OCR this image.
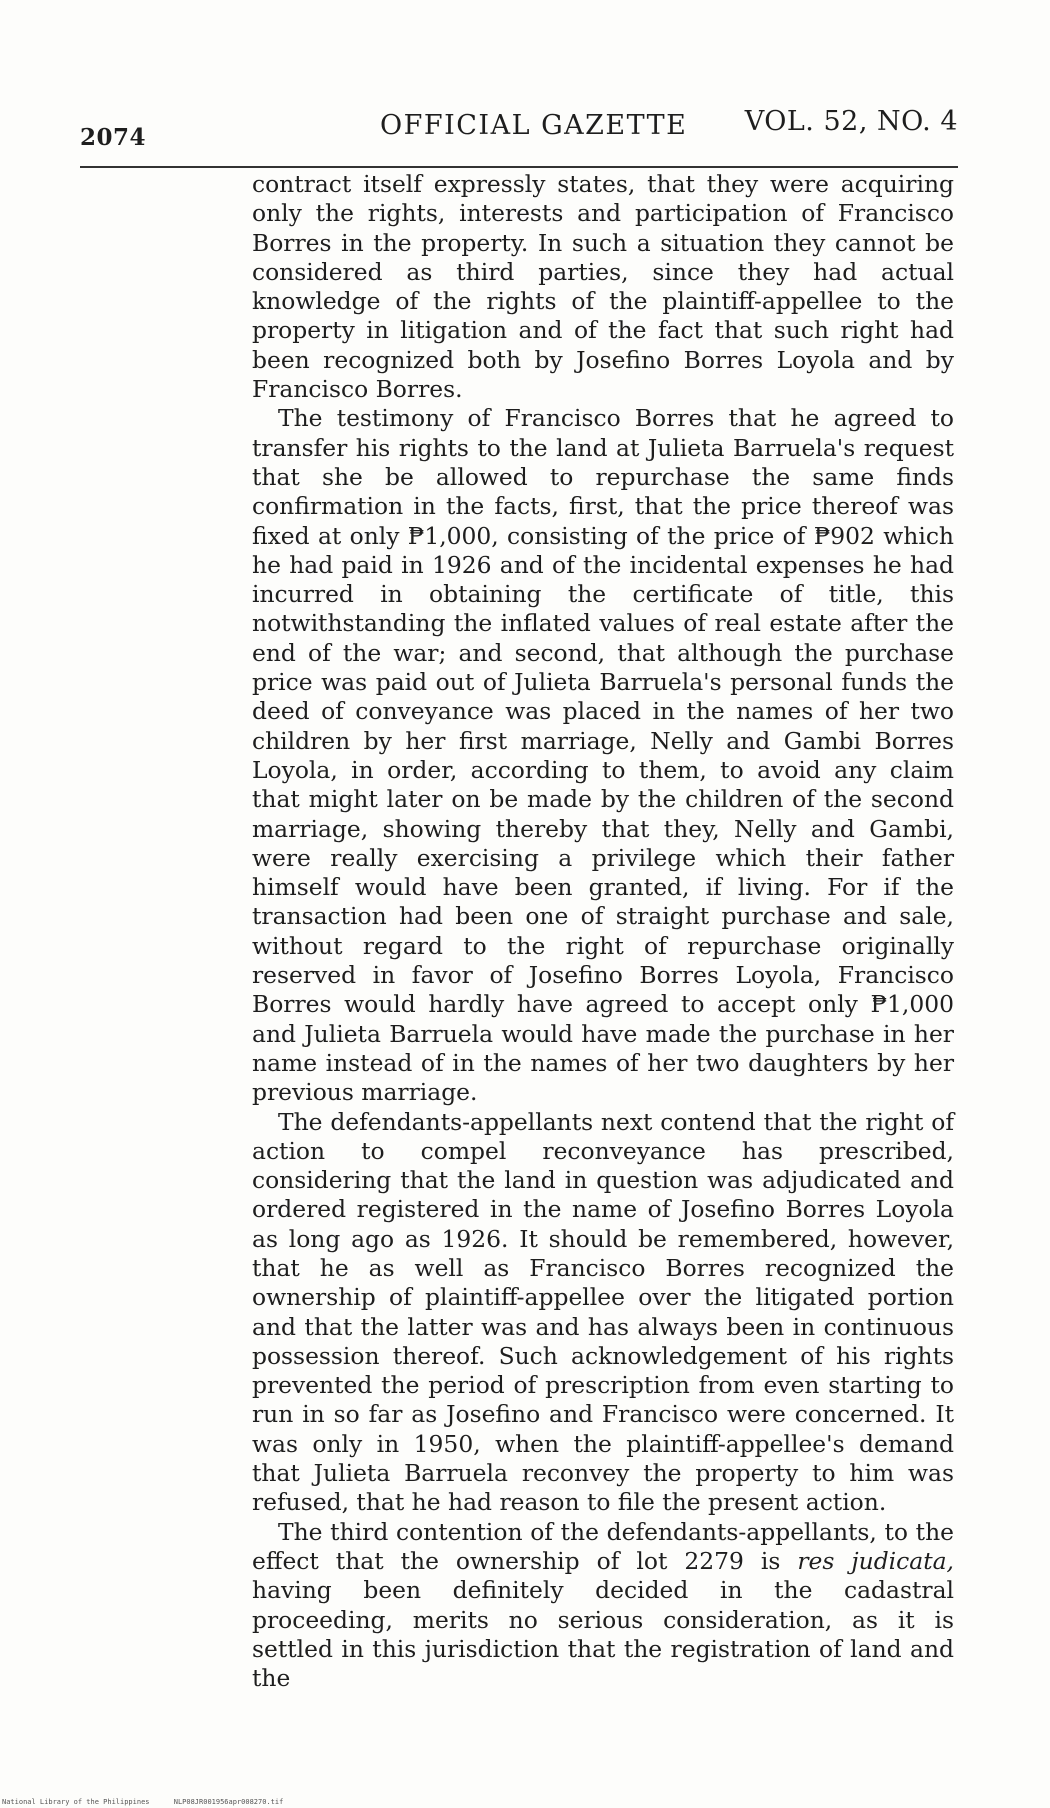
2074	OFFICIAL GAZETTE VOL. 52, NO. 4

contract itself expressly states, that they were acquiring only the rights, interests and participation of Francisco Borres in the property. In such a situation they cannot be considered as third parties, since they had actual knowledge of the rights of the plaintiff-appellee to the property in litigation and of the fact that such right had been recognized both by Josefino Borres Loyola and by Francisco Borres.

The testimony of Francisco Borres that he agreed to transfer his rights to the land at Julieta Barruela's request that she be allowed to repurchase the same finds confirmation in the facts, first, that the price thereof was fixed at only ₱1,000, consisting of the price of ₱902 which he had paid in 1926 and of the incidental expenses he had incurred in obtaining the certificate of title, this notwithstanding the inflated values of real estate after the end of the war; and second, that although the purchase price was paid out of Julieta Barruela's personal funds the deed of conveyance was placed in the names of her two children by her first marriage, Nelly and Gambi Borres Loyola, in order, according to them, to avoid any claim that might later on be made by the children of the second marriage, showing thereby that they, Nelly and Gambi, were really exercising a privilege which their father himself would have been granted, if living. For if the transaction had been one of straight purchase and sale, without regard to the right of repurchase originally reserved in favor of Josefino Borres Loyola, Francisco Borres would hardly have agreed to accept only ₱1,000 and Julieta Barruela would have made the purchase in her name instead of in the names of her two daughters by her previous marriage.

The defendants-appellants next contend that the right of action to compel reconveyance has prescribed, considering that the land in question was adjudicated and ordered registered in the name of Josefino Borres Loyola as long ago as 1926. It should be remembered, however, that he as well as Francisco Borres recognized the ownership of plaintiff-appellee over the litigated portion and that the latter was and has always been in continuous possession thereof. Such acknowledgement of his rights prevented the period of prescription from even starting to run in so far as Josefino and Francisco were concerned. It was only in 1950, when the plaintiff-appellee's demand that Julieta Barruela reconvey the property to him was refused, that he had reason to file the present action.

The third contention of the defendants-appellants, to the effect that the ownership of lot 2279 is res judicata, having been definitely decided in the cadastral proceeding, merits no serious consideration, as it is settled in this jurisdiction that the registration of land and the

National Library of the Philippines	NLP08JR001956apr008270.tif
